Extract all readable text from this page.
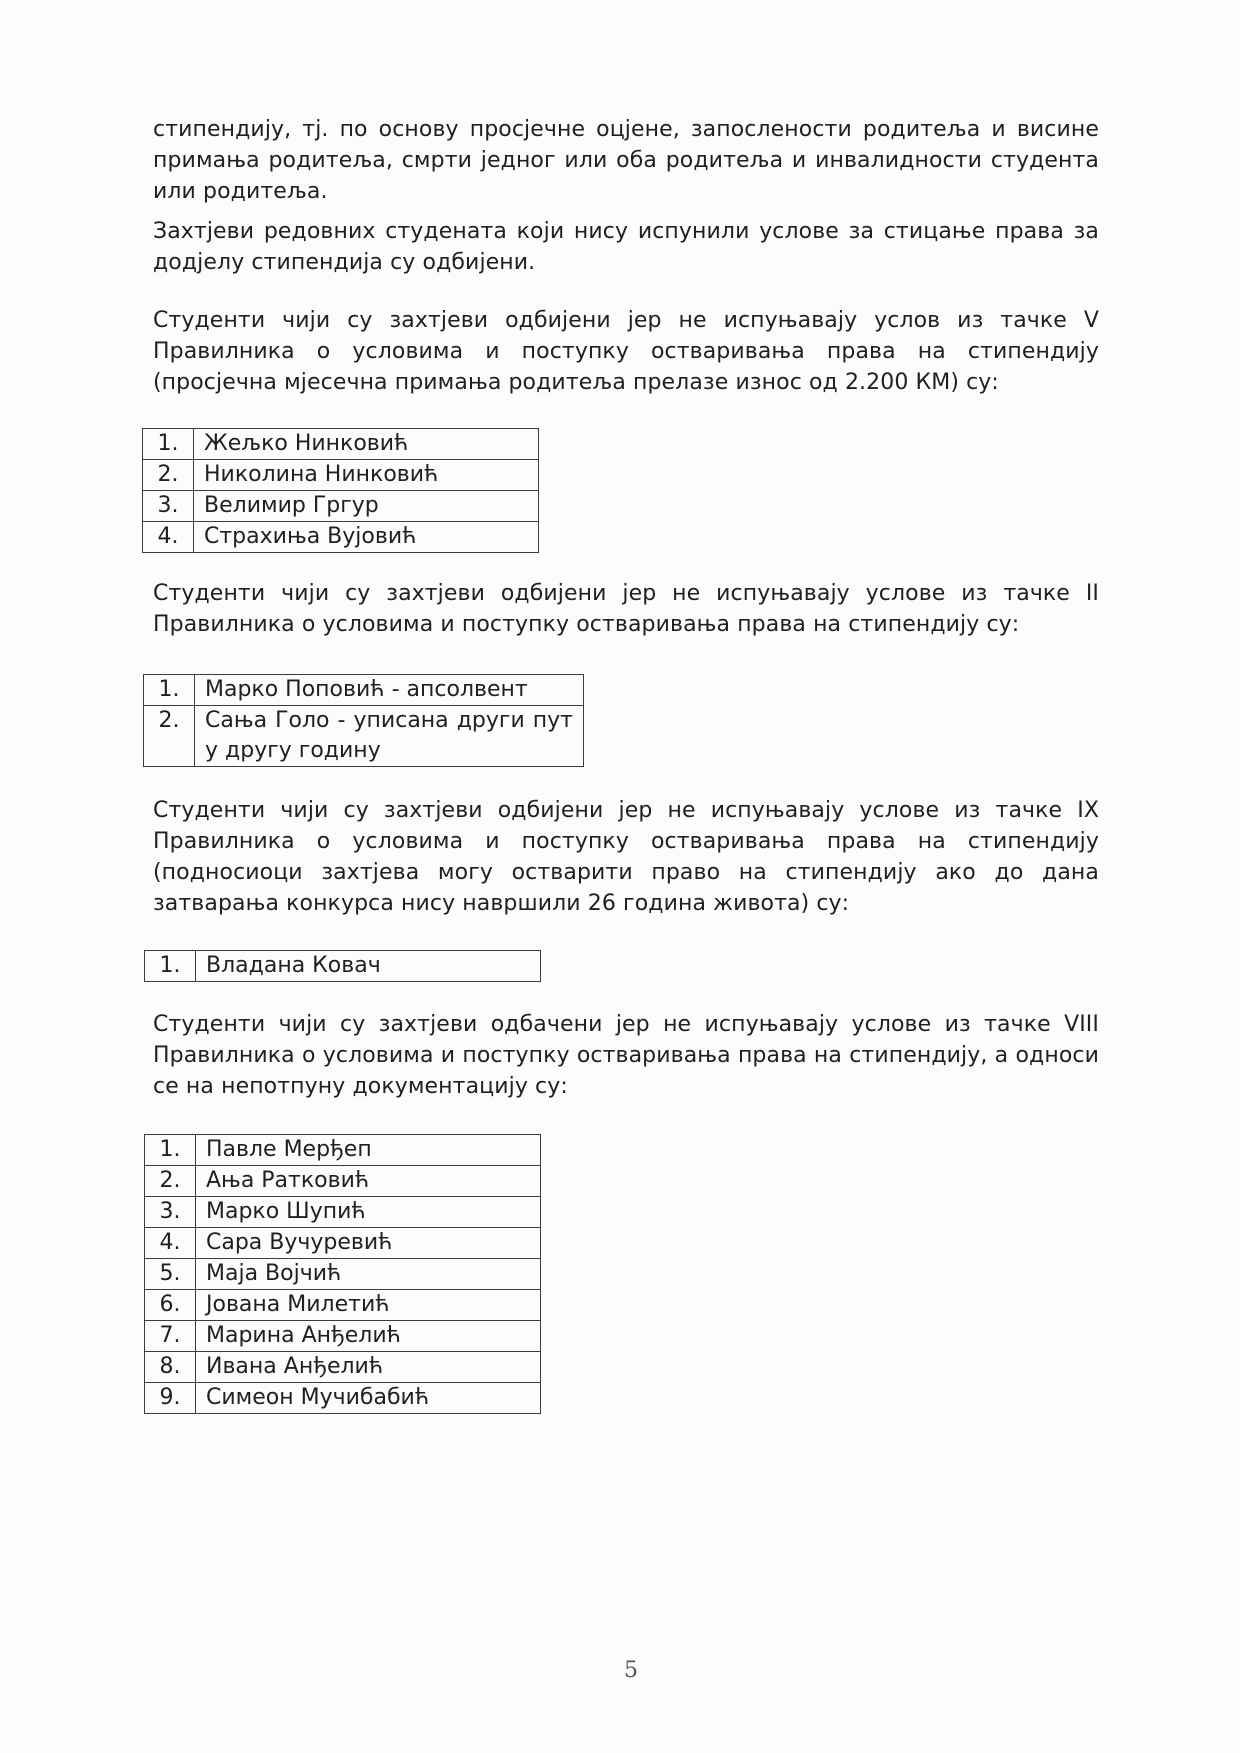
стипендију, тј. по основу просјечне оцјене, запослености родитеља и висине примања родитеља, смрти једног или оба родитеља и инвалидности студента или родитеља.

Захтјеви редовних студената који нису испунили услове за стицање права за додјелу стипендија су одбијени.

Студенти чији су захтјеви одбијени јер не испуњавају услов из тачке V Правилника о условима и поступку остваривања права на стипендију (просјечна мјесечна примања родитеља прелазе износ од 2.200 КМ) су:

1.	Жељко Нинковић
2.	Николина Нинковић
3.	Велимир Гргур
4.	Страхиња Вујовић

Студенти чији су захтјеви одбијени јер не испуњавају услове из тачке II Правилника о условима и поступку остваривања права на стипендију су:

1.	Марко Поповић - апсолвент
2.	Сања Голо - уписана други пут у другу годину

Студенти чији су захтјеви одбијени јер не испуњавају услове из тачке IX Правилника о условима и поступку остваривања права на стипендију (подносиоци захтјева могу остварити право на стипендију ако до дана затварања конкурса нису навршили 26 година живота) су:

1.	Владана Ковач

Студенти чији су захтјеви одбачени јер не испуњавају услове из тачке VIII Правилника о условима и поступку остваривања права на стипендију, а односи се на непотпуну документацију су:

1.	Павле Мерђеп
2.	Ања Ратковић
3.	Марко Шупић
4.	Сара Вучуревић
5.	Маја Војчић
6.	Јована Милетић
7.	Марина Анђелић
8.	Ивана Анђелић
9.	Симеон Мучибабић
5
